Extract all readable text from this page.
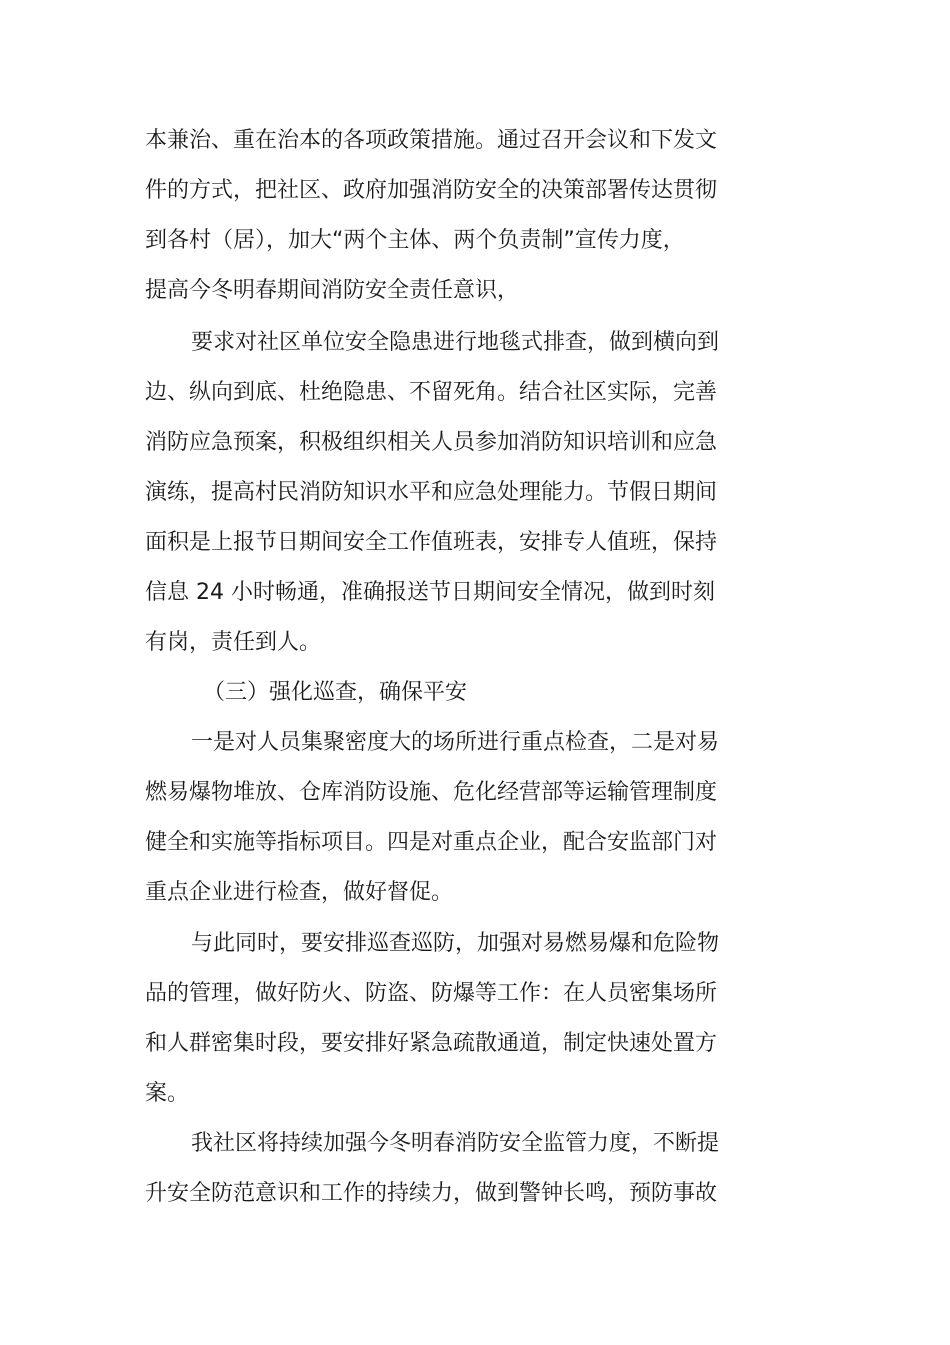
本兼治、重在治本的各项政策措施。通过召开会议和下发文
件的方式，把社区、政府加强消防安全的决策部署传达贯彻
到各村（居），加大“两个主体、两个负责制”宣传力度，
提高今冬明春期间消防安全责任意识，
要求对社区单位安全隐患进行地毯式排查，做到横向到
边、纵向到底、杜绝隐患、不留死角。结合社区实际，完善
消防应急预案，积极组织相关人员参加消防知识培训和应急
演练，提高村民消防知识水平和应急处理能力。节假日期间
面积是上报节日期间安全工作值班表，安排专人值班，保持
信息 24 小时畅通，准确报送节日期间安全情况，做到时刻
有岗，责任到人。
（三）强化巡查，确保平安
一是对人员集聚密度大的场所进行重点检查，二是对易
燃易爆物堆放、仓库消防设施、危化经营部等运输管理制度
健全和实施等指标项目。四是对重点企业，配合安监部门对
重点企业进行检查，做好督促。
与此同时，要安排巡查巡防，加强对易燃易爆和危险物
品的管理，做好防火、防盗、防爆等工作：在人员密集场所
和人群密集时段，要安排好紧急疏散通道，制定快速处置方
案。
我社区将持续加强今冬明春消防安全监管力度，不断提
升安全防范意识和工作的持续力，做到警钟长鸣，预防事故
